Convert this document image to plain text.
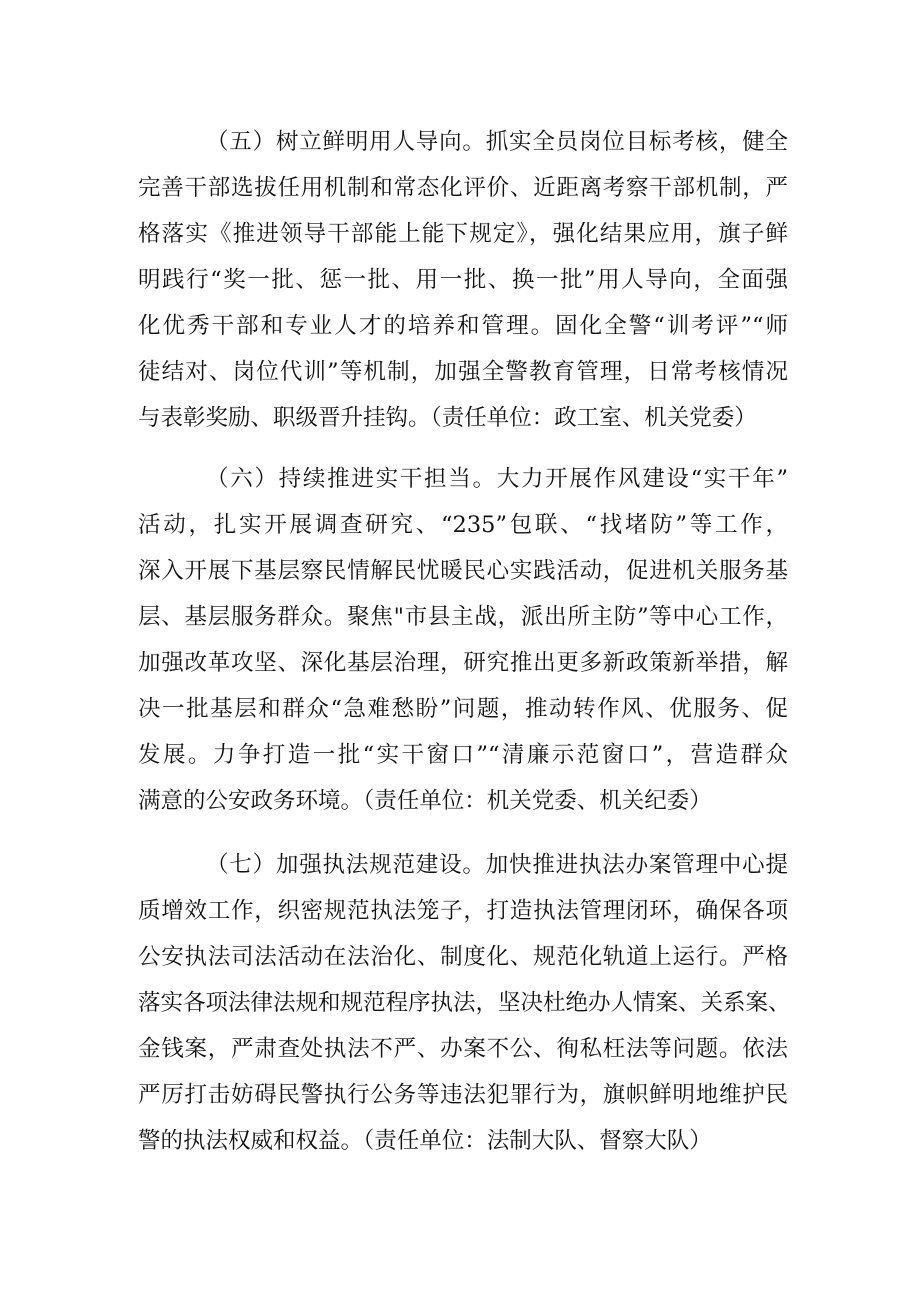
（五）树立鲜明用人导向。抓实全员岗位目标考核，健全
完善干部选拔任用机制和常态化评价、近距离考察干部机制，严
格落实《推进领导干部能上能下规定》，强化结果应用，旗子鲜
明践行“奖一批、惩一批、用一批、换一批”用人导向，全面强
化优秀干部和专业人才的培养和管理。固化全警“训考评”“师
徒结对、岗位代训”等机制，加强全警教育管理，日常考核情况
与表彰奖励、职级晋升挂钩。（责任单位：政工室、机关党委）
（六）持续推进实干担当。大力开展作风建设“实干年”
活动，扎实开展调查研究、“235”包联、“找堵防”等工作，
深入开展下基层察民情解民忧暖民心实践活动，促进机关服务基
层、基层服务群众。聚焦"市县主战，派出所主防”等中心工作，
加强改革攻坚、深化基层治理，研究推出更多新政策新举措，解
决一批基层和群众“急难愁盼”问题，推动转作风、优服务、促
发展。力争打造一批“实干窗口”“清廉示范窗口”，营造群众
满意的公安政务环境。（责任单位：机关党委、机关纪委）
（七）加强执法规范建设。加快推进执法办案管理中心提
质增效工作，织密规范执法笼子，打造执法管理闭环，确保各项
公安执法司法活动在法治化、制度化、规范化轨道上运行。严格
落实各项法律法规和规范程序执法，坚决杜绝办人情案、关系案、
金钱案，严肃查处执法不严、办案不公、徇私枉法等问题。依法
严厉打击妨碍民警执行公务等违法犯罪行为，旗帜鲜明地维护民
警的执法权威和权益。（责任单位：法制大队、督察大队）
